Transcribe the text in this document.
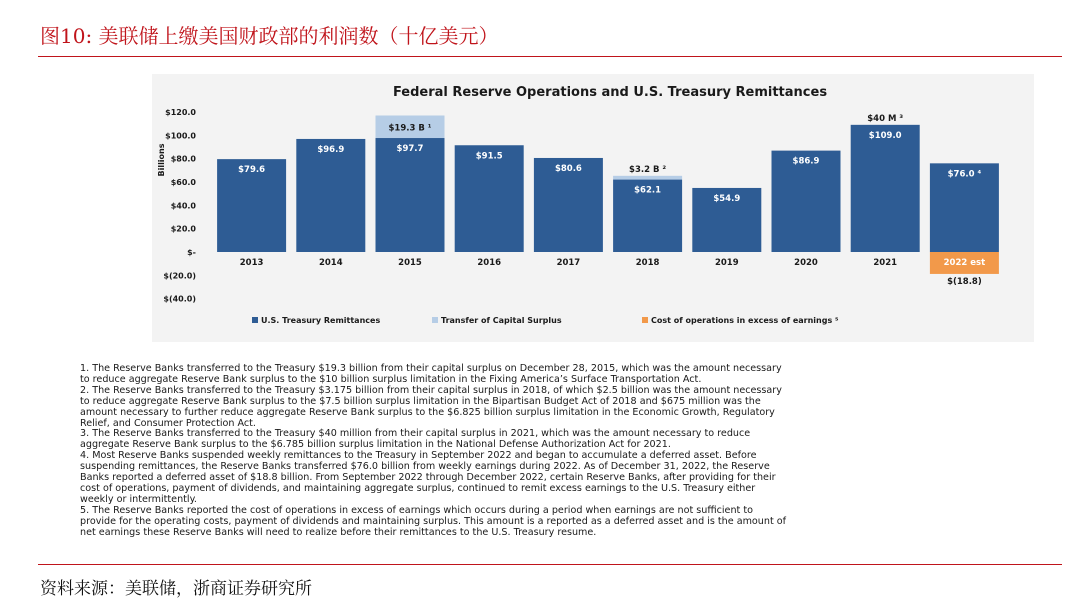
图10: 美联储上缴美国财政部的利润数（十亿美元）
Federal Reserve Operations and U.S. Treasury Remittances
Billions
$120.0
$100.0
$80.0
$60.0
$40.0
$20.0
$-
$(20.0)
$(40.0)
$79.6
$96.9	$97.7
$19.3 B ¹
$91.5
$80.6
$62.1
$3.2 B ²
$54.9
$86.9
$109.0
$40 M ³
$76.0 ⁴
$(18.8)
2013	2014	2015	2016	2017	2018	2019	2020	2021	2022 est
U.S. Treasury Remittances	Transfer of Capital Surplus	Cost of operations in excess of earnings ⁵
1. The Reserve Banks transferred to the Treasury $19.3 billion from their capital surplus on December 28, 2015, which was the amount necessary
to reduce aggregate Reserve Bank surplus to the $10 billion surplus limitation in the Fixing America’s Surface Transportation Act.
2. The Reserve Banks transferred to the Treasury $3.175 billion from their capital surplus in 2018, of which $2.5 billion was the amount necessary
to reduce aggregate Reserve Bank surplus to the $7.5 billion surplus limitation in the Bipartisan Budget Act of 2018 and $675 million was the
amount necessary to further reduce aggregate Reserve Bank surplus to the $6.825 billion surplus limitation in the Economic Growth, Regulatory
Relief, and Consumer Protection Act.
3. The Reserve Banks transferred to the Treasury $40 million from their capital surplus in 2021, which was the amount necessary to reduce
aggregate Reserve Bank surplus to the $6.785 billion surplus limitation in the National Defense Authorization Act for 2021.
4. Most Reserve Banks suspended weekly remittances to the Treasury in September 2022 and began to accumulate a deferred asset. Before
suspending remittances, the Reserve Banks transferred $76.0 billion from weekly earnings during 2022. As of December 31, 2022, the Reserve
Banks reported a deferred asset of $18.8 billion. From September 2022 through December 2022, certain Reserve Banks, after providing for their
cost of operations, payment of dividends, and maintaining aggregate surplus, continued to remit excess earnings to the U.S. Treasury either
weekly or intermittently.
5. The Reserve Banks reported the cost of operations in excess of earnings which occurs during a period when earnings are not sufficient to
provide for the operating costs, payment of dividends and maintaining surplus. This amount is a reported as a deferred asset and is the amount of
net earnings these Reserve Banks will need to realize before their remittances to the U.S. Treasury resume.
资料来源：美联储，浙商证券研究所
